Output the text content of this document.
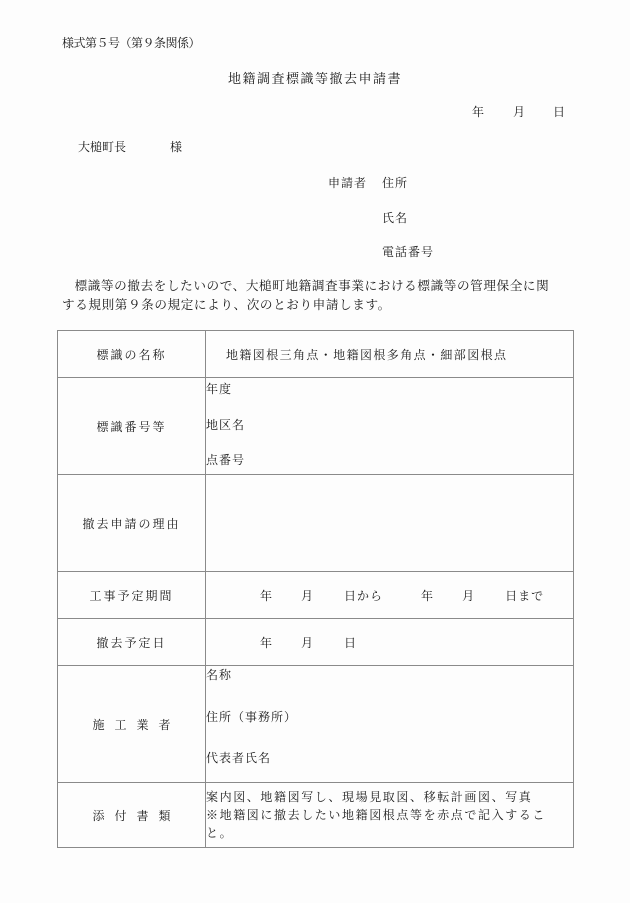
様式第５号（第９条関係）
地籍調査標識等撤去申請書
年 月 日
大槌町長	様
申請者 住所
氏名
電話番号

標識等の撤去をしたいので、大槌町地籍調査事業における標識等の管理保全に関

する規則第９条の規定により、次のとおり申請します。

標識の名称	地籍図根三角点・地籍図根多角点・細部図根点
標識番号等	年度
地区名
点番号

撤去申請の理由	
工事予定期間	年 月	日から	年 月	日まで

撤去予定日	年 月 日

施工業者	名称
住所（事務所）
代表者氏名

添付書類	案内図、地籍図写し、現場見取図、移転計画図、写真
※地籍図に撤去したい地籍図根点等を赤点で記入すること。
